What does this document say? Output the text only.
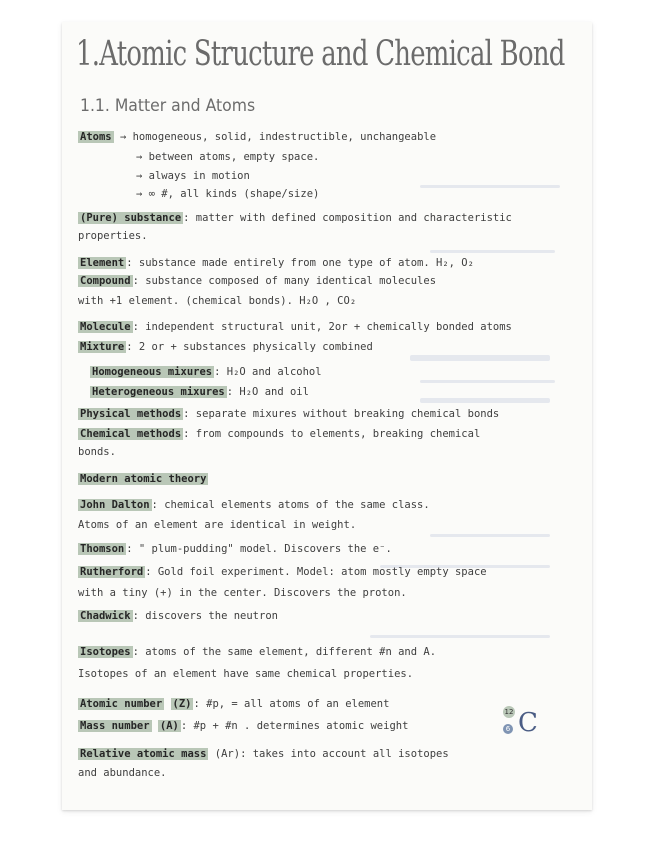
1.Atomic Structure and Chemical Bond
1.1. Matter and Atoms
Atoms → homogeneous, solid, indestructible, unchangeable
→ between atoms, empty space.
→ always in motion
→ ∞ #, all kinds (shape/size)
(Pure) substance : matter with defined composition and characteristic
properties.
Element : substance made entirely from one type of atom. H₂, O₂
Compound : substance composed of many identical molecules
with +1 element. (chemical bonds). H₂O , CO₂
Molecule : independent structural unit, 2or + chemically bonded atoms
Mixture : 2 or + substances physically combined
Homogeneous mixures : H₂O and alcohol
Heterogeneous mixures : H₂O and oil
Physical methods : separate mixures without breaking chemical bonds
Chemical methods : from compounds to elements, breaking chemical
bonds.
Modern atomic theory
John Dalton : chemical elements atoms of the same class.
Atoms of an element are identical in weight.
Thomson : " plum-pudding" model. Discovers the e⁻.
Rutherford : Gold foil experiment. Model: atom mostly empty space
with a tiny (+) in the center. Discovers the proton.
Chadwick : discovers the neutron
Isotopes : atoms of the same element, different #n and A.
Isotopes of an element have same chemical properties.
Atomic number (Z) : #p, = all atoms of an element
Mass number (A) : #p + #n . determines atomic weight
12
6 C
Relative atomic mass (Ar): takes into account all isotopes
and abundance.
